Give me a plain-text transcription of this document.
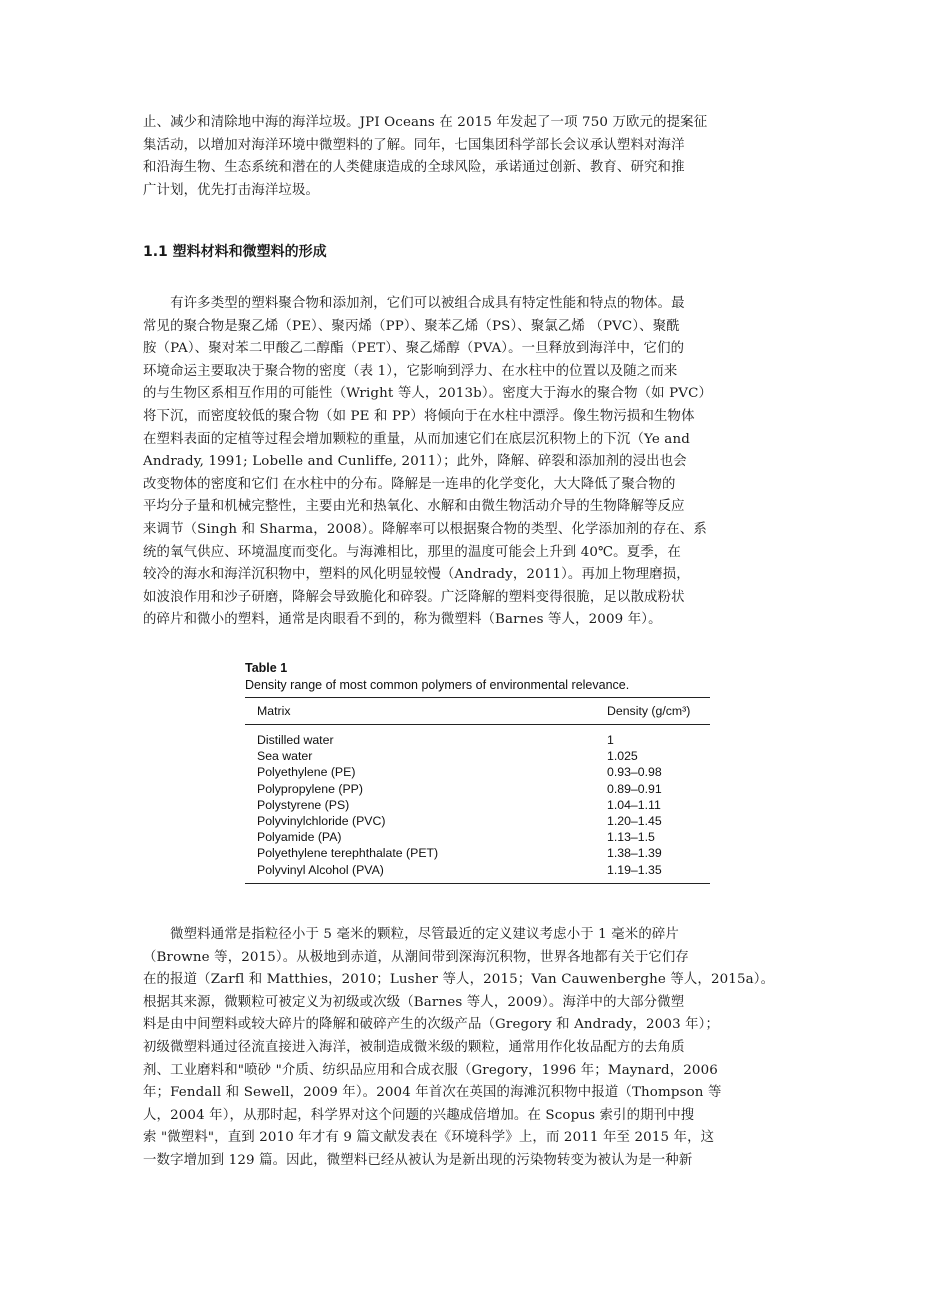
止、减少和清除地中海的海洋垃圾。JPI Oceans 在 2015 年发起了一项 750 万欧元的提案征
集活动，以增加对海洋环境中微塑料的了解。同年，七国集团科学部长会议承认塑料对海洋
和沿海生物、生态系统和潜在的人类健康造成的全球风险，承诺通过创新、教育、研究和推
广计划，优先打击海洋垃圾。
1.1 塑料材料和微塑料的形成
　　有许多类型的塑料聚合物和添加剂，它们可以被组合成具有特定性能和特点的物体。最
常见的聚合物是聚乙烯（PE）、聚丙烯（PP）、聚苯乙烯（PS）、聚氯乙烯 （PVC）、聚酰
胺（PA）、聚对苯二甲酸乙二醇酯（PET）、聚乙烯醇（PVA）。一旦释放到海洋中，它们的
环境命运主要取决于聚合物的密度（表 1），它影响到浮力、在水柱中的位置以及随之而来
的与生物区系相互作用的可能性（Wright 等人，2013b）。密度大于海水的聚合物（如 PVC）
将下沉，而密度较低的聚合物（如 PE 和 PP）将倾向于在水柱中漂浮。像生物污损和生物体
在塑料表面的定植等过程会增加颗粒的重量，从而加速它们在底层沉积物上的下沉（Ye and
Andrady, 1991; Lobelle and Cunliffe, 2011）；此外，降解、碎裂和添加剂的浸出也会
改变物体的密度和它们 在水柱中的分布。降解是一连串的化学变化，大大降低了聚合物的
平均分子量和机械完整性，主要由光和热氧化、水解和由微生物活动介导的生物降解等反应
来调节（Singh 和 Sharma，2008）。降解率可以根据聚合物的类型、化学添加剂的存在、系
统的氧气供应、环境温度而变化。与海滩相比，那里的温度可能会上升到 40℃。夏季，在
较冷的海水和海洋沉积物中，塑料的风化明显较慢（Andrady，2011）。再加上物理磨损，
如波浪作用和沙子研磨，降解会导致脆化和碎裂。广泛降解的塑料变得很脆，足以散成粉状
的碎片和微小的塑料，通常是肉眼看不到的，称为微塑料（Barnes 等人，2009 年）。

Table 1

Density range of most common polymers of environmental relevance.

Matrix	Density (g/cm³)
Distilled water	1
Sea water	1.025
Polyethylene (PE)	0.93–0.98
Polypropylene (PP)	0.89–0.91
Polystyrene (PS)	1.04–1.11
Polyvinylchloride (PVC)	1.20–1.45
Polyamide (PA)	1.13–1.5
Polyethylene terephthalate (PET)	1.38–1.39
Polyvinyl Alcohol (PVA)	1.19–1.35
　　微塑料通常是指粒径小于 5 毫米的颗粒，尽管最近的定义建议考虑小于 1 毫米的碎片
（Browne 等，2015）。从极地到赤道，从潮间带到深海沉积物，世界各地都有关于它们存
在的报道（Zarfl 和 Matthies，2010；Lusher 等人，2015；Van Cauwenberghe 等人，2015a）。
根据其来源，微颗粒可被定义为初级或次级（Barnes 等人，2009）。海洋中的大部分微塑
料是由中间塑料或较大碎片的降解和破碎产生的次级产品（Gregory 和 Andrady，2003 年）；
初级微塑料通过径流直接进入海洋，被制造成微米级的颗粒，通常用作化妆品配方的去角质
剂、工业磨料和"喷砂 "介质、纺织品应用和合成衣服（Gregory，1996 年；Maynard，2006
年；Fendall 和 Sewell，2009 年）。2004 年首次在英国的海滩沉积物中报道（Thompson 等
人，2004 年），从那时起，科学界对这个问题的兴趣成倍增加。在 Scopus 索引的期刊中搜
索 "微塑料"，直到 2010 年才有 9 篇文献发表在《环境科学》上，而 2011 年至 2015 年，这
一数字增加到 129 篇。因此，微塑料已经从被认为是新出现的污染物转变为被认为是一种新
